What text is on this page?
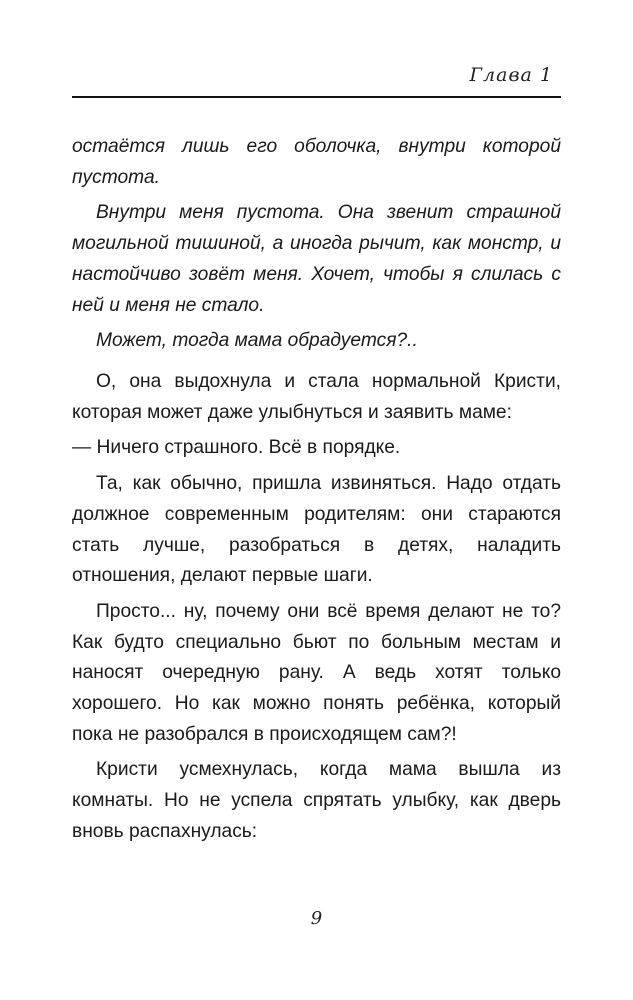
Глава 1

остаётся лишь его оболочка, внутри которой пустота.

Внутри меня пустота. Она звенит страшной могильной тишиной, а иногда рычит, как монстр, и настойчиво зовёт меня. Хочет, чтобы я слилась с ней и меня не стало.

Может, тогда мама обрадуется?..

О, она выдохнула и стала нормальной Кристи, которая может даже улыбнуться и заявить маме:

— Ничего страшного. Всё в порядке.

Та, как обычно, пришла извиняться. Надо отдать должное современным родителям: они стараются стать лучше, разобраться в детях, наладить отношения, делают первые шаги.

Просто... ну, почему они всё время делают не то? Как будто специально бьют по больным местам и наносят очередную рану. А ведь хотят только хорошего. Но как можно понять ребёнка, который пока не разобрался в происходящем сам?!

Кристи усмехнулась, когда мама вышла из комнаты. Но не успела спрятать улыбку, как дверь вновь распахнулась:

9
